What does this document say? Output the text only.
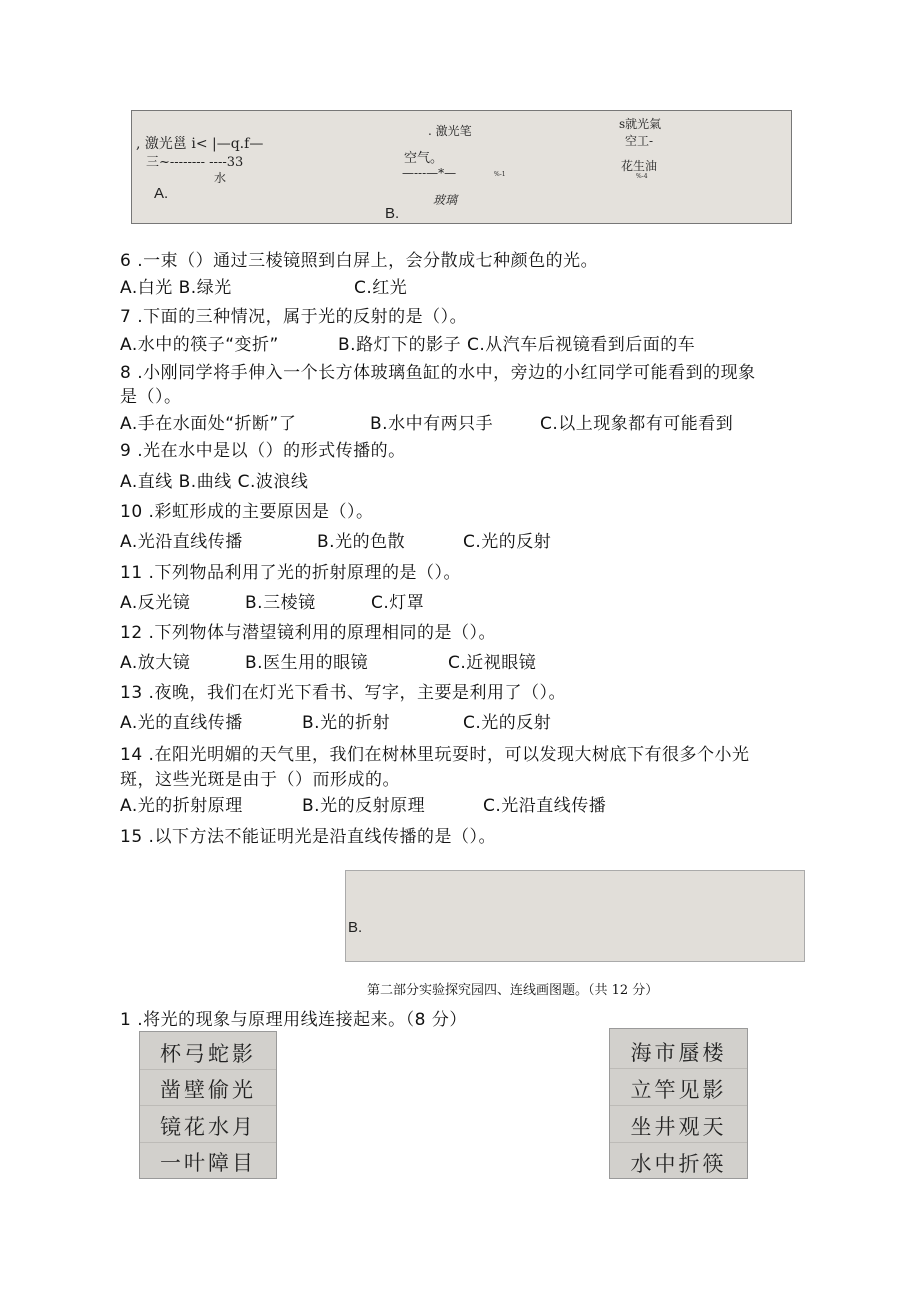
, 激光邕 i< |—q.f—
三~-------- ----33
水
A.
. 激光笔
空气。
—---—*—	%-1
玻璃
B.
s就光氣
空工-
花生油
%-4
6 .一束（）通过三棱镜照到白屏上，会分散成七种颜色的光。
A.白光 B.绿光	C.红光
7 .下面的三种情况，属于光的反射的是（）。
A.水中的筷子“变折”	B.路灯下的影子 C.从汽车后视镜看到后面的车
8 .小刚同学将手伸入一个长方体玻璃鱼缸的水中，旁边的小红同学可能看到的现象
是（）。
A.手在水面处“折断”了	B.水中有两只手	C.以上现象都有可能看到
9 .光在水中是以（）的形式传播的。
A.直线 B.曲线 C.波浪线
10 .彩虹形成的主要原因是（）。
A.光沿直线传播	B.光的色散	C.光的反射
11 .下列物品利用了光的折射原理的是（）。
A.反光镜	B.三棱镜	C.灯罩
12 .下列物体与潜望镜利用的原理相同的是（）。
A.放大镜	B.医生用的眼镜	C.近视眼镜
13 .夜晚，我们在灯光下看书、写字，主要是利用了（）。
A.光的直线传播	B.光的折射	C.光的反射
14 .在阳光明媚的天气里，我们在树林里玩耍时，可以发现大树底下有很多个小光
斑，这些光斑是由于（）而形成的。
A.光的折射原理	B.光的反射原理	C.光沿直线传播
15 .以下方法不能证明光是沿直线传播的是（）。
B.
第二部分实验探究园四、连线画图题。（共 12 分）
1 .将光的现象与原理用线连接起来。（8 分）
杯弓蛇影
凿壁偷光
镜花水月
一叶障目
海市蜃楼
立竿见影
坐井观天
水中折筷
